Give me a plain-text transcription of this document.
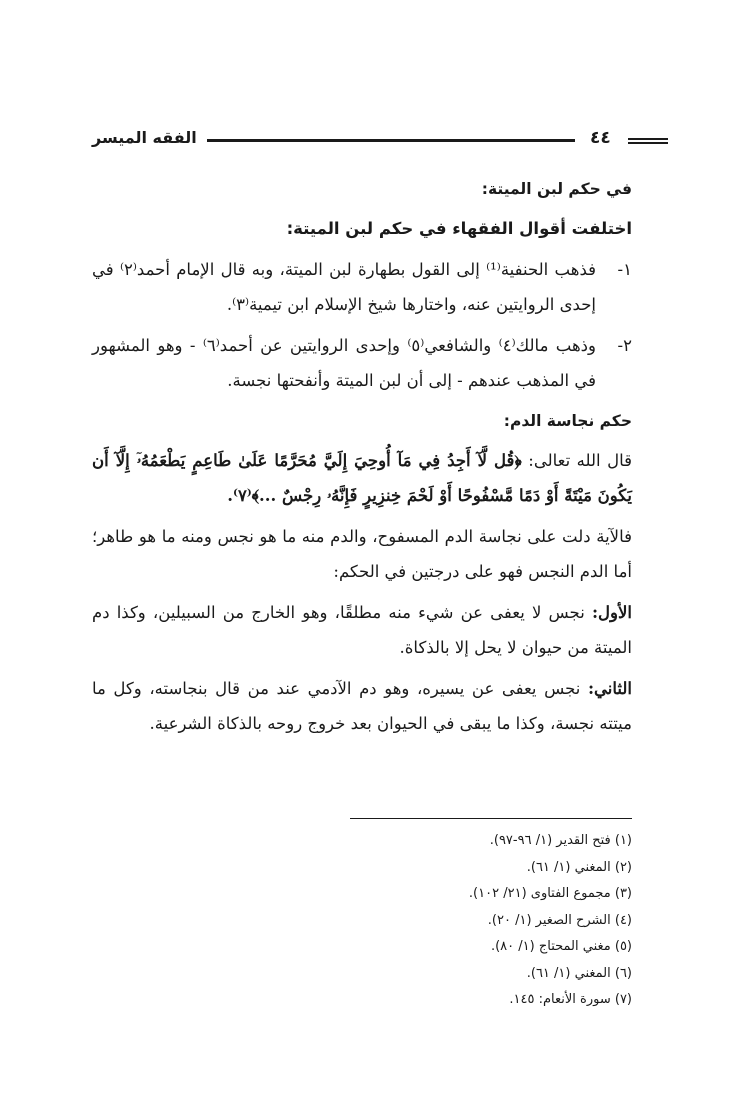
الفقه الميسر	٤٤
في حكم لبن الميتة:
اختلفت أقوال الفقهاء في حكم لبن الميتة:
١-
فذهب الحنفية⁽¹⁾ إلى القول بطهارة لبن الميتة، وبه قال الإمام أحمد⁽٢⁾ في إحدى الروايتين عنه، واختارها شيخ الإسلام ابن تيمية⁽٣⁾.
٢-
وذهب مالك⁽٤⁾ والشافعي⁽٥⁾ وإحدى الروايتين عن أحمد⁽٦⁾ - وهو المشهور في المذهب عندهم - إلى أن لبن الميتة وأنفحتها نجسة.
حكم نجاسة الدم:

قال الله تعالى: ﴿قُل لَّآ أَجِدُ فِي مَآ أُوحِيَ إِلَيَّ مُحَرَّمًا عَلَىٰ طَاعِمٍ يَطْعَمُهُۥٓ إِلَّآ أَن يَكُونَ مَيْتَةً أَوْ دَمًا مَّسْفُوحًا أَوْ لَحْمَ خِنزِيرٍ فَإِنَّهُۥ رِجْسٌ ...﴾⁽٧⁾.

فالآية دلت على نجاسة الدم المسفوح، والدم منه ما هو نجس ومنه ما هو طاهر؛ أما الدم النجس فهو على درجتين في الحكم:

الأول: نجس لا يعفى عن شيء منه مطلقًا، وهو الخارج من السبيلين، وكذا دم الميتة من حيوان لا يحل إلا بالذكاة.

الثاني: نجس يعفى عن يسيره، وهو دم الآدمي عند من قال بنجاسته، وكل ما ميتته نجسة، وكذا ما يبقى في الحيوان بعد خروج روحه بالذكاة الشرعية.

(١) فتح القدير (١/ ٩٦-٩٧).
(٢) المغني (١/ ٦١).
(٣) مجموع الفتاوى (٢١/ ١٠٢).
(٤) الشرح الصغير (١/ ٢٠).
(٥) مغني المحتاج (١/ ٨٠).
(٦) المغني (١/ ٦١).
(٧) سورة الأنعام: ١٤٥.
